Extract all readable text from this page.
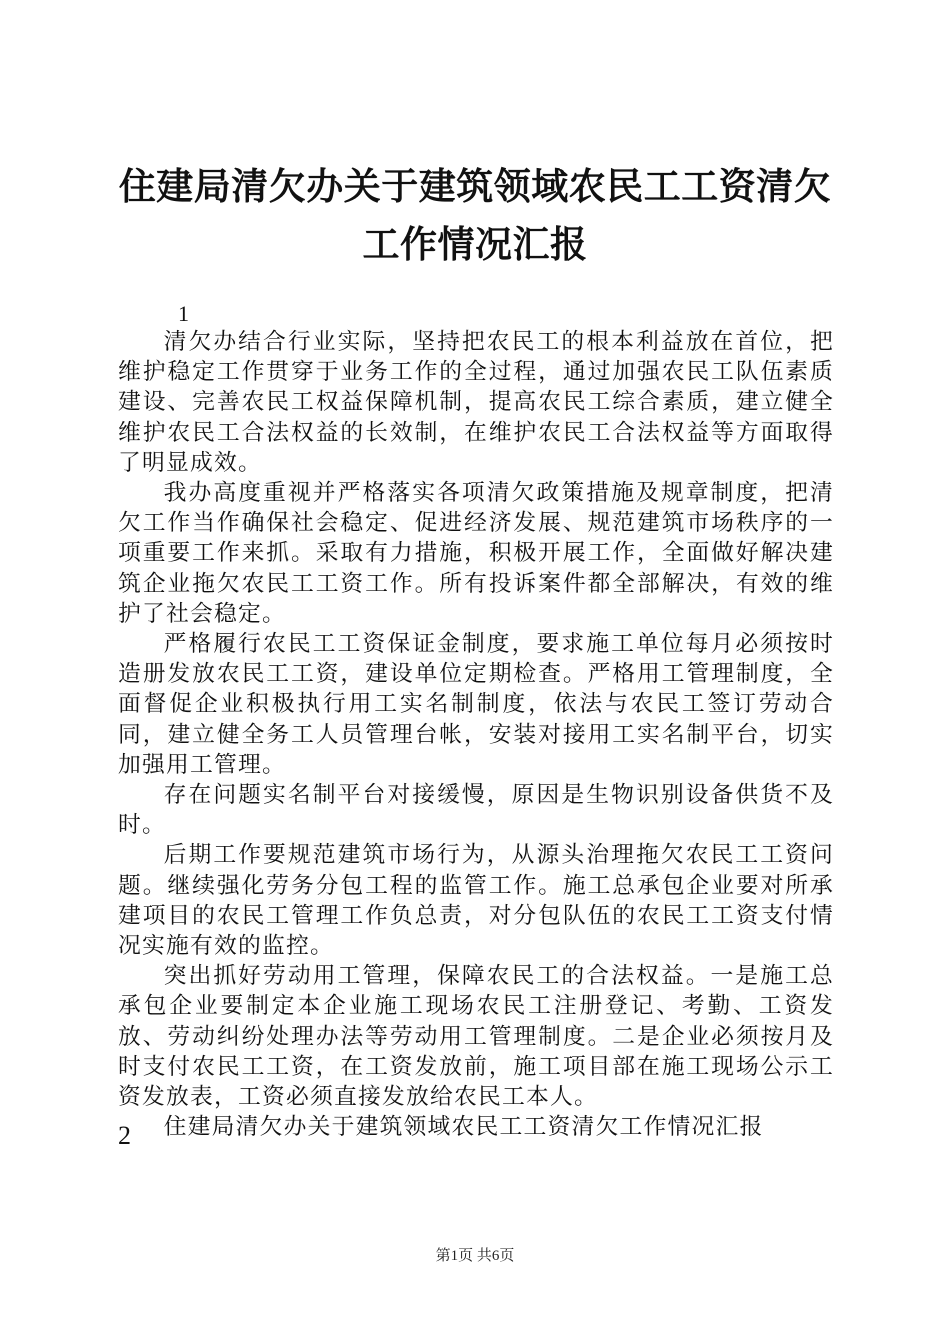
住建局清欠办关于建筑领域农民工工资清欠工作情况汇报
1

清欠办结合行业实际，坚持把农民工的根本利益放在首位，把维护稳定工作贯穿于业务工作的全过程，通过加强农民工队伍素质建设、完善农民工权益保障机制，提高农民工综合素质，建立健全维护农民工合法权益的长效制，在维护农民工合法权益等方面取得了明显成效。

我办高度重视并严格落实各项清欠政策措施及规章制度，把清欠工作当作确保社会稳定、促进经济发展、规范建筑市场秩序的一项重要工作来抓。采取有力措施，积极开展工作，全面做好解决建筑企业拖欠农民工工资工作。所有投诉案件都全部解决，有效的维护了社会稳定。

严格履行农民工工资保证金制度，要求施工单位每月必须按时造册发放农民工工资，建设单位定期检查。严格用工管理制度，全面督促企业积极执行用工实名制制度，依法与农民工签订劳动合同，建立健全务工人员管理台帐，安装对接用工实名制平台，切实加强用工管理。

存在问题实名制平台对接缓慢，原因是生物识别设备供货不及时。

后期工作要规范建筑市场行为，从源头治理拖欠农民工工资问题。继续强化劳务分包工程的监管工作。施工总承包企业要对所承建项目的农民工管理工作负总责，对分包队伍的农民工工资支付情况实施有效的监控。

突出抓好劳动用工管理，保障农民工的合法权益。一是施工总承包企业要制定本企业施工现场农民工注册登记、考勤、工资发放、劳动纠纷处理办法等劳动用工管理制度。二是企业必须按月及时支付农民工工资，在工资发放前，施工项目部在施工现场公示工资发放表，工资必须直接发放给农民工本人。

住建局清欠办关于建筑领域农民工工资清欠工作情况汇报

2
第1页 共6页
